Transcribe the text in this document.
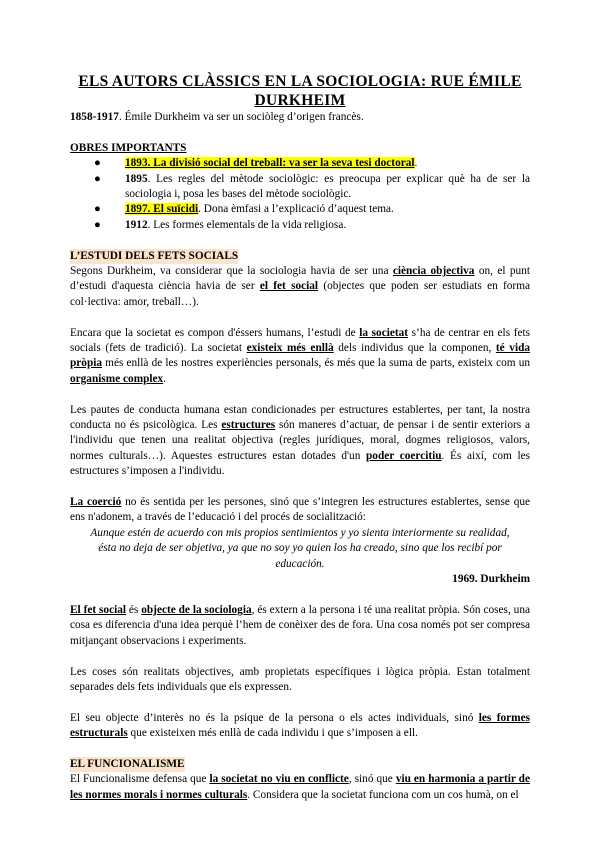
ELS AUTORS CLÀSSICS EN LA SOCIOLOGIA: RUE ÉMILE DURKHEIM

1858-1917. Émile Durkheim va ser un sociòleg d’origen francès.

OBRES IMPORTANTS
● 1893. La divisió social del treball: va ser la seva tesi doctoral.
● 1895. Les regles del mètode sociològic: es preocupa per explicar què ha de ser la sociologia i, posa les bases del mètode sociològic.
● 1897. El suïcidi. Dona èmfasi a l’explicació d’aquest tema.
● 1912. Les formes elementals de la vida religiosa.
L’ESTUDI DELS FETS SOCIALS

Segons Durkheim, va considerar que la sociologia havia de ser una ciència objectiva on, el punt d’estudi d'aquesta ciència havia de ser el fet social (objectes que poden ser estudiats en forma col·lectiva: amor, treball…).

Encara que la societat es compon d'éssers humans, l’estudi de la societat s’ha de centrar en els fets socials (fets de tradició). La societat existeix més enllà dels individus que la componen, té vida pròpia més enllà de les nostres experiències personals, és més que la suma de parts, existeix com un organisme complex.

Les pautes de conducta humana estan condicionades per estructures establertes, per tant, la nostra conducta no és psicològica. Les estructures són maneres d’actuar, de pensar i de sentir exteriors a l'individu que tenen una realitat objectiva (regles jurídiques, moral, dogmes religiosos, valors, normes culturals…). Aquestes estructures estan dotades d'un poder coercitiu. És així, com les estructures s’imposen a l'individu.

La coerció no és sentida per les persones, sinó que s’integren les estructures establertes, sense que ens n'adonem, a través de l’educació i del procés de socialització:

Aunque estén de acuerdo con mis propios sentimientos y yo sienta interiormente su realidad, ésta no deja de ser objetiva, ya que no soy yo quien los ha creado, sino que los recibí por educación.

1969. Durkheim

El fet social és objecte de la sociologia, és extern a la persona i té una realitat pròpia. Són coses, una cosa es diferencia d'una idea perquè l’hem de conèixer des de fora. Una cosa només pot ser compresa mitjançant observacions i experiments.

Les coses són realitats objectives, amb propietats específiques i lògica pròpia. Estan totalment separades dels fets individuals que els expressen.

El seu objecte d’interès no és la psique de la persona o els actes individuals, sinó les formes estructurals que existeixen més enllà de cada individu i que s’imposen a ell.

EL FUNCIONALISME

El Funcionalisme defensa que la societat no viu en conflicte, sinó que viu en harmonia a partir de les normes morals i normes culturals. Considera que la societat funciona com un cos humà, on el
